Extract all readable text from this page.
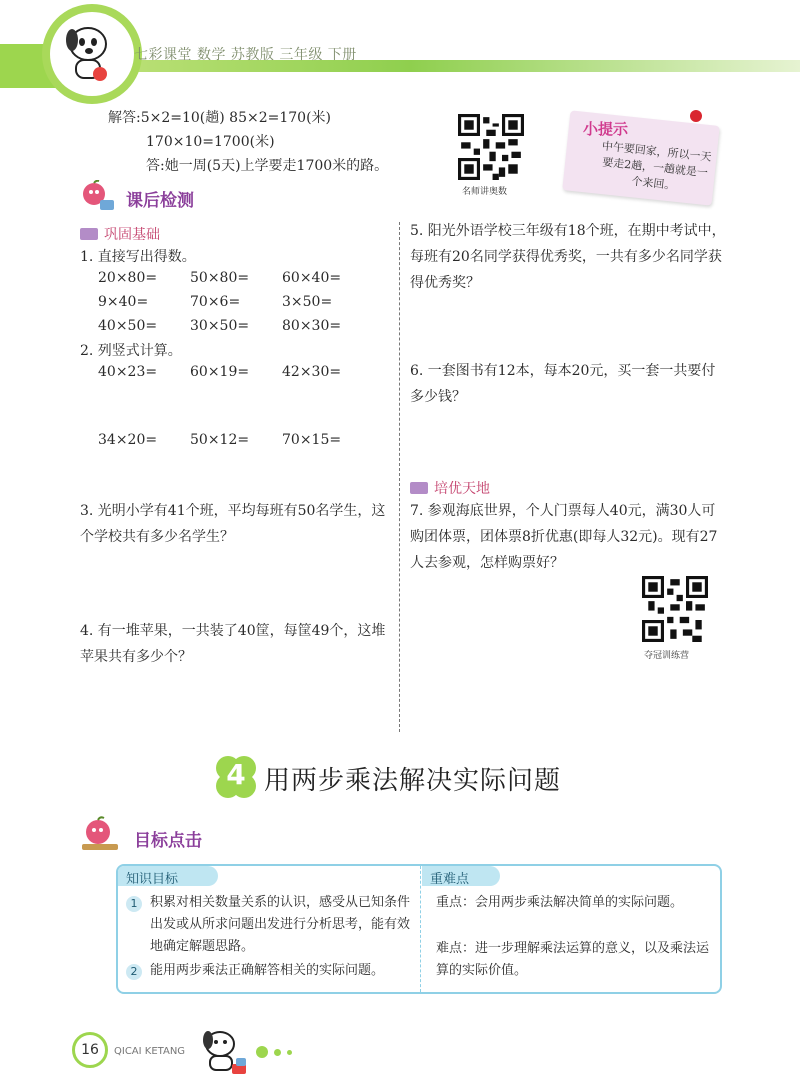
七彩课堂 数学 苏教版 三年级 下册
解答:5×2=10(趟) 85×2=170(米)
170×10=1700(米)
答:她一周(5天)上学要走1700米的路。
名师讲奥数
小提示
中午要回家，所以一天要走2趟，一趟就是一个来回。
课后检测
巩固基础
1. 直接写出得数。
20×80= 50×80= 60×40=
9×40=	70×6=	3×50=
40×50= 30×50= 80×30=
2. 列竖式计算。
40×23= 60×19= 42×30=
34×20= 50×12= 70×15=
3. 光明小学有41个班，平均每班有50名学生，这个学校共有多少名学生？
4. 有一堆苹果，一共装了40筐，每筐49个，这堆苹果共有多少个？
5. 阳光外语学校三年级有18个班，在期中考试中，每班有20名同学获得优秀奖，一共有多少名同学获得优秀奖？
6. 一套图书有12本，每本20元，买一套一共要付多少钱？
培优天地
7. 参观海底世界，个人门票每人40元，满30人可购团体票，团体票8折优惠(即每人32元)。现有27人去参观，怎样购票好？
夺冠训练营
4 用两步乘法解决实际问题
目标点击
知识目标	重难点
1 积累对相关数量关系的认识，感受从已知条件出发或从所求问题出发进行分析思考，能有效地确定解题思路。
2 能用两步乘法正确解答相关的实际问题。
重点：会用两步乘法解决简单的实际问题。
难点：进一步理解乘法运算的意义，以及乘法运算的实际价值。
16	QICAI KETANG
